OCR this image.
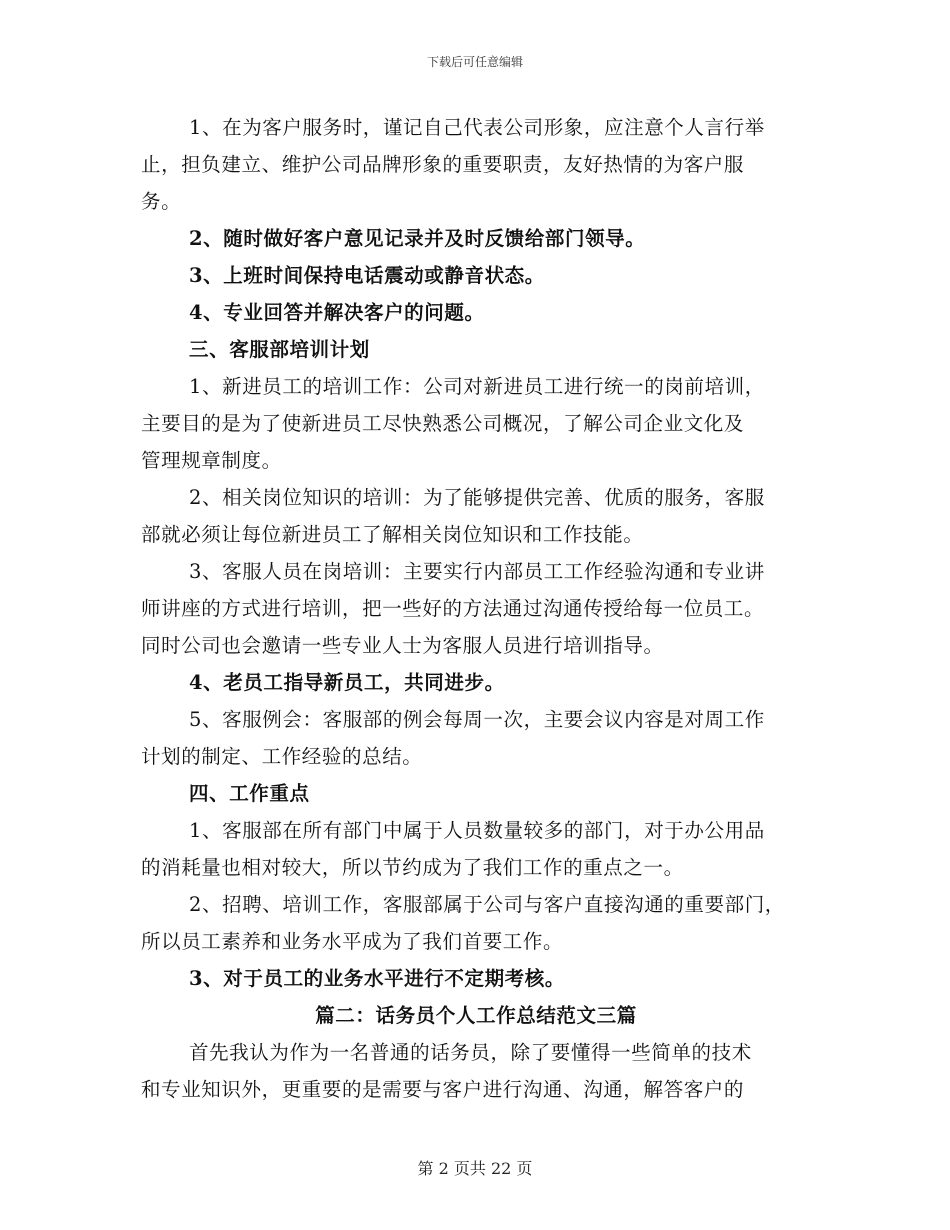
下载后可任意编辑
1、在为客户服务时，谨记自己代表公司形象，应注意个人言行举
止，担负建立、维护公司品牌形象的重要职责，友好热情的为客户服
务。
2、随时做好客户意见记录并及时反馈给部门领导。
3、上班时间保持电话震动或静音状态。
4、专业回答并解决客户的问题。
三、客服部培训计划
1、新进员工的培训工作：公司对新进员工进行统一的岗前培训，
主要目的是为了使新进员工尽快熟悉公司概况，了解公司企业文化及
管理规章制度。
2、相关岗位知识的培训：为了能够提供完善、优质的服务，客服
部就必须让每位新进员工了解相关岗位知识和工作技能。
3、客服人员在岗培训：主要实行内部员工工作经验沟通和专业讲
师讲座的方式进行培训，把一些好的方法通过沟通传授给每一位员工。
同时公司也会邀请一些专业人士为客服人员进行培训指导。
4、老员工指导新员工，共同进步。
5、客服例会：客服部的例会每周一次，主要会议内容是对周工作
计划的制定、工作经验的总结。
四、工作重点
1、客服部在所有部门中属于人员数量较多的部门，对于办公用品
的消耗量也相对较大，所以节约成为了我们工作的重点之一。
2、招聘、培训工作，客服部属于公司与客户直接沟通的重要部门，
所以员工素养和业务水平成为了我们首要工作。
3、对于员工的业务水平进行不定期考核。
篇二：话务员个人工作总结范文三篇
首先我认为作为一名普通的话务员，除了要懂得一些简单的技术
和专业知识外，更重要的是需要与客户进行沟通、沟通，解答客户的
第 2 页共 22 页
